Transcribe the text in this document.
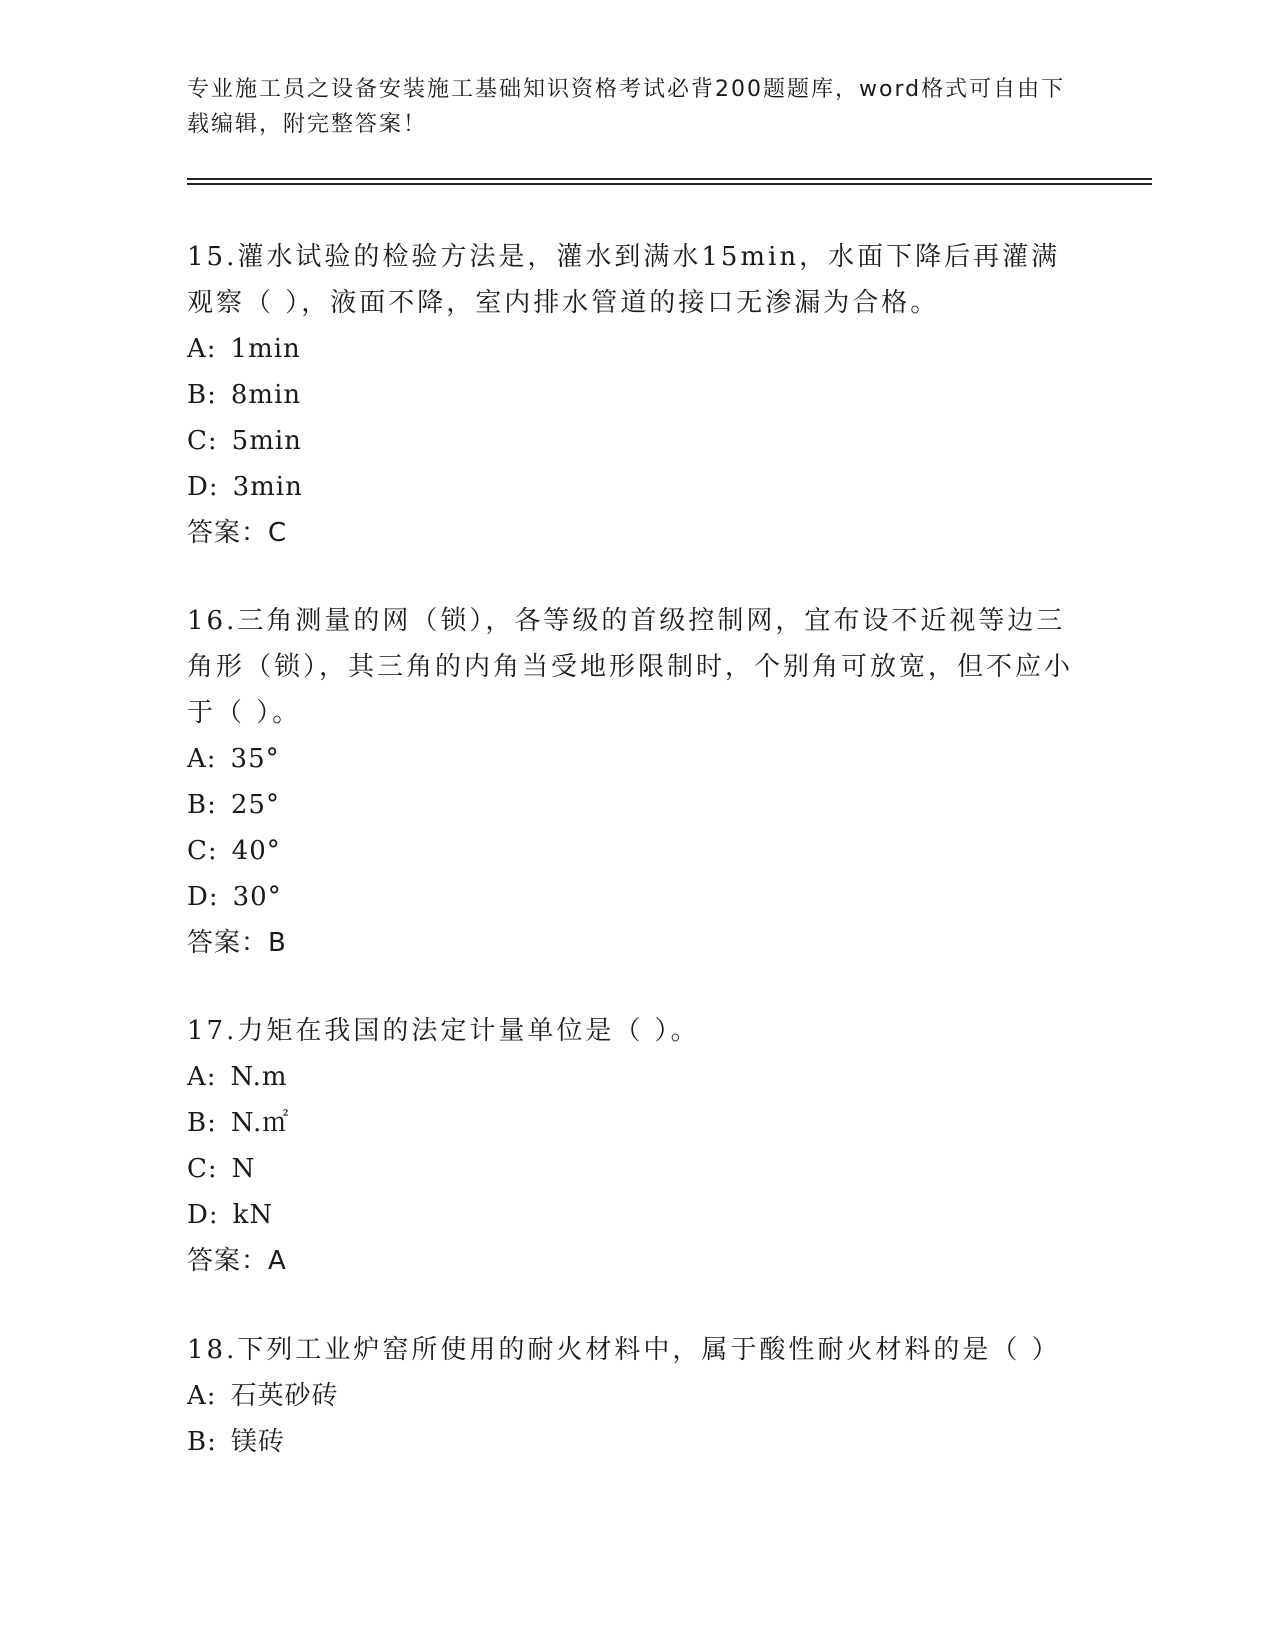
专业施工员之设备安装施工基础知识资格考试必背200题题库，word格式可自由下载编辑，附完整答案！

15.灌水试验的检验方法是，灌水到满水15min，水面下降后再灌满观察（ ），液面不降，室内排水管道的接口无渗漏为合格。

A: 1min

B: 8min

C: 5min

D: 3min

答案：C

16.三角测量的网（锁），各等级的首级控制网，宜布设不近视等边三角形（锁），其三角的内角当受地形限制时，个别角可放宽，但不应小于（ ）。

A: 35°

B: 25°

C: 40°

D: 30°

答案：B

17.力矩在我国的法定计量单位是（ ）。

A: N.m

B: N.㎡

C: N

D: kN

答案：A

18.下列工业炉窑所使用的耐火材料中，属于酸性耐火材料的是（ ）

A: 石英砂砖

B: 镁砖
